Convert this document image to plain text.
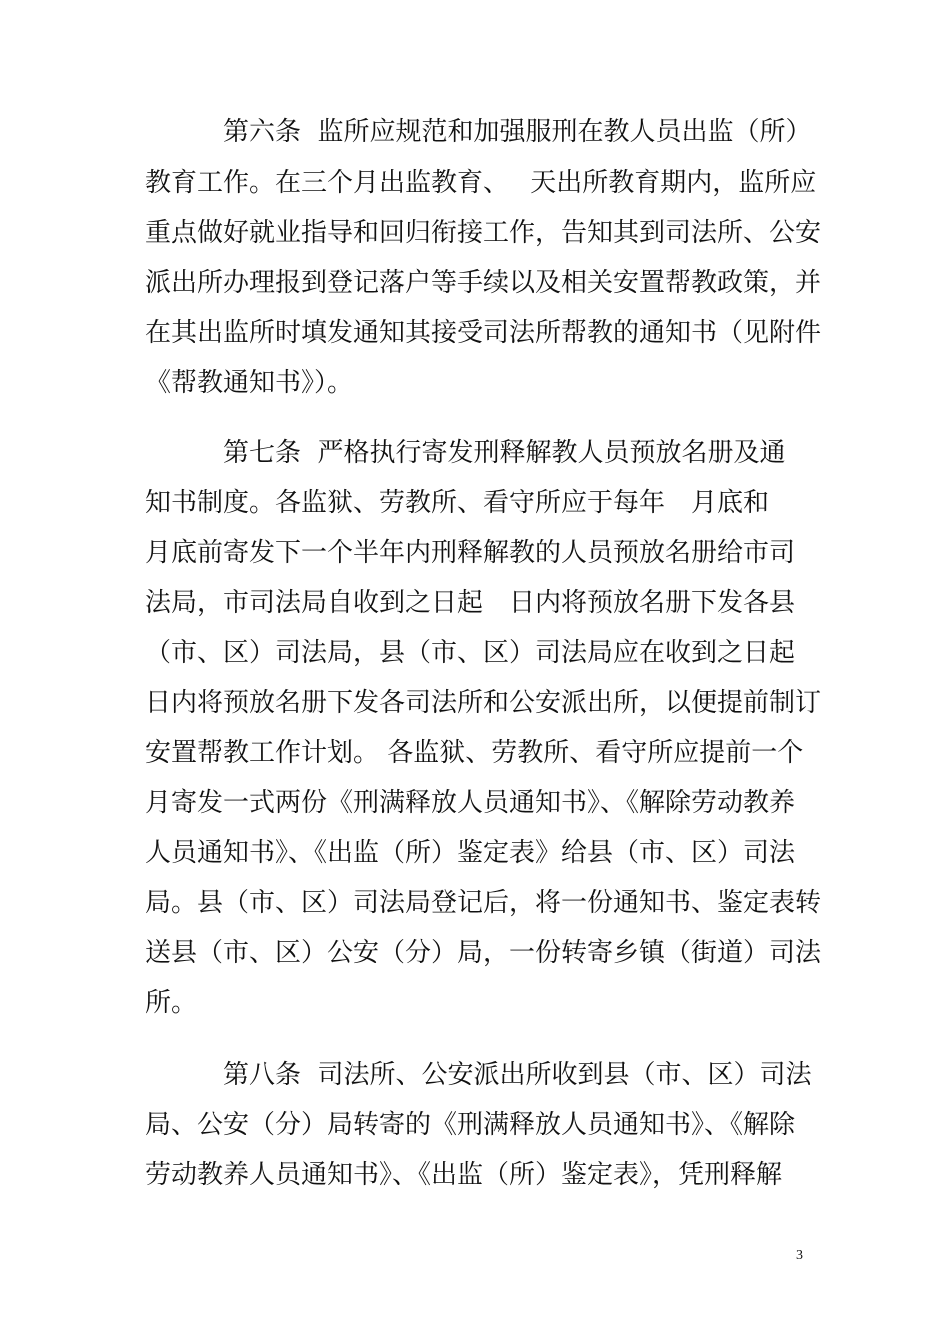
　　　第六条  监所应规范和加强服刑在教人员出监（所）
教育工作。在三个月出监教育、　 天出所教育期内，监所应
重点做好就业指导和回归衔接工作，告知其到司法所、公安
派出所办理报到登记落户等手续以及相关安置帮教政策，并
在其出监所时填发通知其接受司法所帮教的通知书（见附件
《帮教通知书》）。
　　　第七条  严格执行寄发刑释解教人员预放名册及通
知书制度。各监狱、劳教所、看守所应于每年　月底和
月底前寄发下一个半年内刑释解教的人员预放名册给市司
法局，市司法局自收到之日起　日内将预放名册下发各县
（市、区）司法局，县（市、区）司法局应在收到之日起
日内将预放名册下发各司法所和公安派出所，以便提前制订
安置帮教工作计划。 各监狱、劳教所、看守所应提前一个
月寄发一式两份《刑满释放人员通知书》、《解除劳动教养
人员通知书》、《出监（所）鉴定表》给县（市、区）司法
局。县（市、区）司法局登记后，将一份通知书、鉴定表转
送县（市、区）公安（分）局，一份转寄乡镇（街道）司法
所。
　　　第八条  司法所、公安派出所收到县（市、区）司法
局、公安（分）局转寄的《刑满释放人员通知书》、《解除
劳动教养人员通知书》、《出监（所）鉴定表》，凭刑释解
3
